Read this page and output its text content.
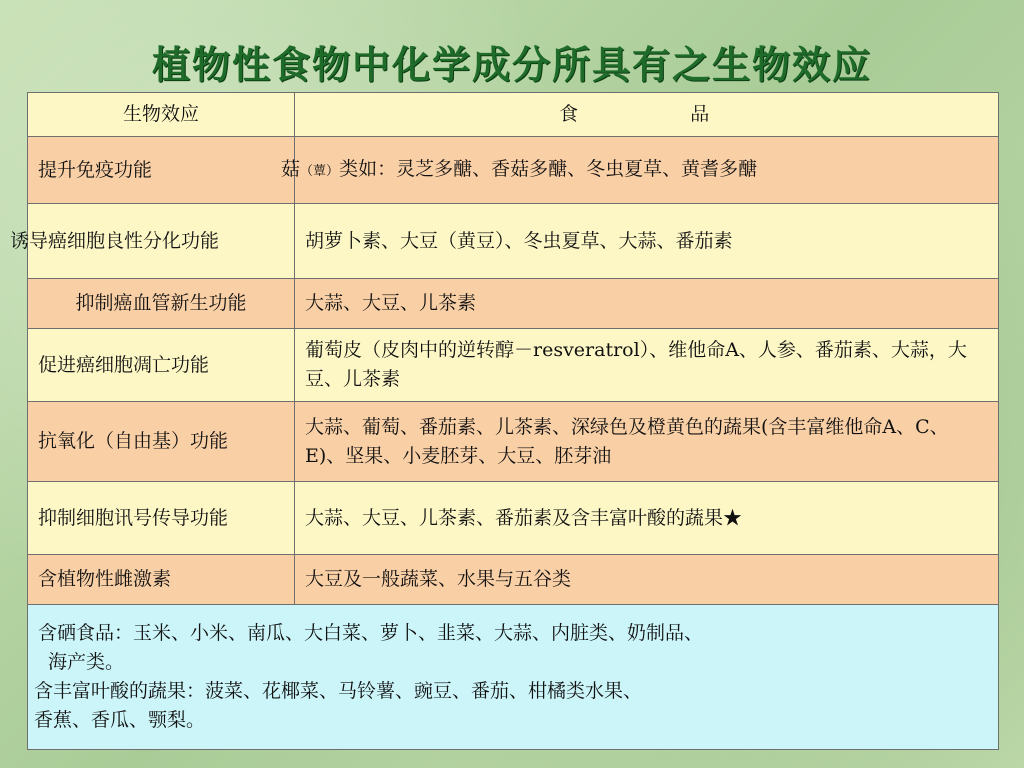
植物性食物中化学成分所具有之生物效应
生物效应	食　　品
提升免疫功能	菇（蕈）类如：灵芝多醣、香菇多醣、冬虫夏草、黄耆多醣
诱导癌细胞良性分化功能	胡萝卜素、大豆（黄豆）、冬虫夏草、大蒜、番茄素
抑制癌血管新生功能	大蒜、大豆、儿茶素
促进癌细胞凋亡功能	葡萄皮（皮肉中的逆转醇－resveratrol）、维他命A、人参、番茄素、大蒜，大豆、儿茶素
抗氧化（自由基）功能	大蒜、葡萄、番茄素、儿茶素、深绿色及橙黄色的蔬果(含丰富维他命A、C、E)、坚果、小麦胚芽、大豆、胚芽油
抑制细胞讯号传导功能	大蒜、大豆、儿茶素、番茄素及含丰富叶酸的蔬果★
含植物性雌激素	大豆及一般蔬菜、水果与五谷类

含硒食品：玉米、小米、南瓜、大白菜、萝卜、韭菜、大蒜、内脏类、奶制品、
海产类。
含丰富叶酸的蔬果：菠菜、花椰菜、马铃薯、豌豆、番茄、柑橘类水果、
香蕉、香瓜、颚梨。	
